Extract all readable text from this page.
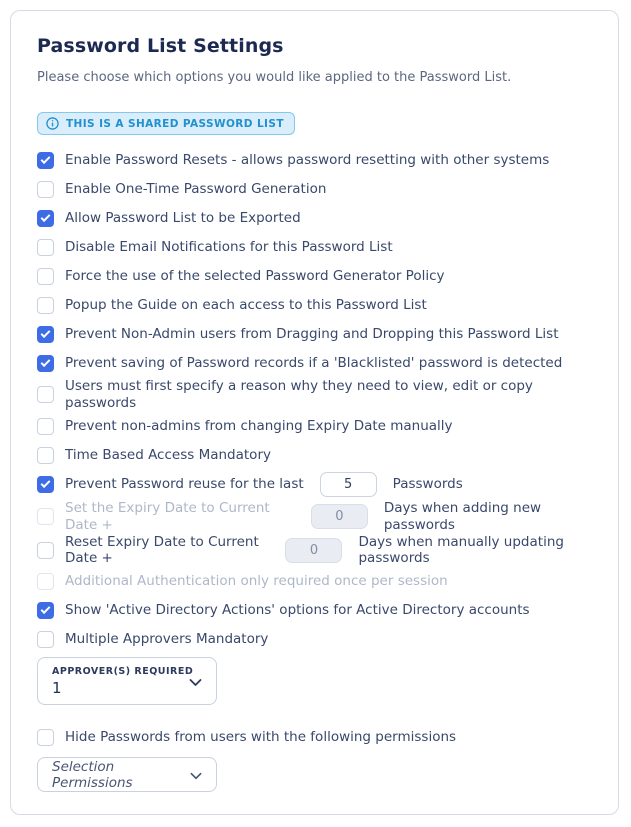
Password List Settings
Please choose which options you would like applied to the Password List.
THIS IS A SHARED PASSWORD LIST
Enable Password Resets - allows password resetting with other systems
Enable One-Time Password Generation
Allow Password List to be Exported
Disable Email Notifications for this Password List
Force the use of the selected Password Generator Policy
Popup the Guide on each access to this Password List
Prevent Non-Admin users from Dragging and Dropping this Password List
Prevent saving of Password records if a 'Blacklisted' password is detected
Users must first specify a reason why they need to view, edit or copy passwords
Prevent non-admins from changing Expiry Date manually
Time Based Access Mandatory
Prevent Password reuse for the last
5	Passwords
Set the Expiry Date to Current Date +
0
Days when adding new passwords
Reset Expiry Date to Current Date +
0
Days when manually updating passwords
Additional Authentication only required once per session
Show 'Active Directory Actions' options for Active Directory accounts
Multiple Approvers Mandatory
APPROVER(S) REQUIRED
1
Hide Passwords from users with the following permissions
Selection Permissions
